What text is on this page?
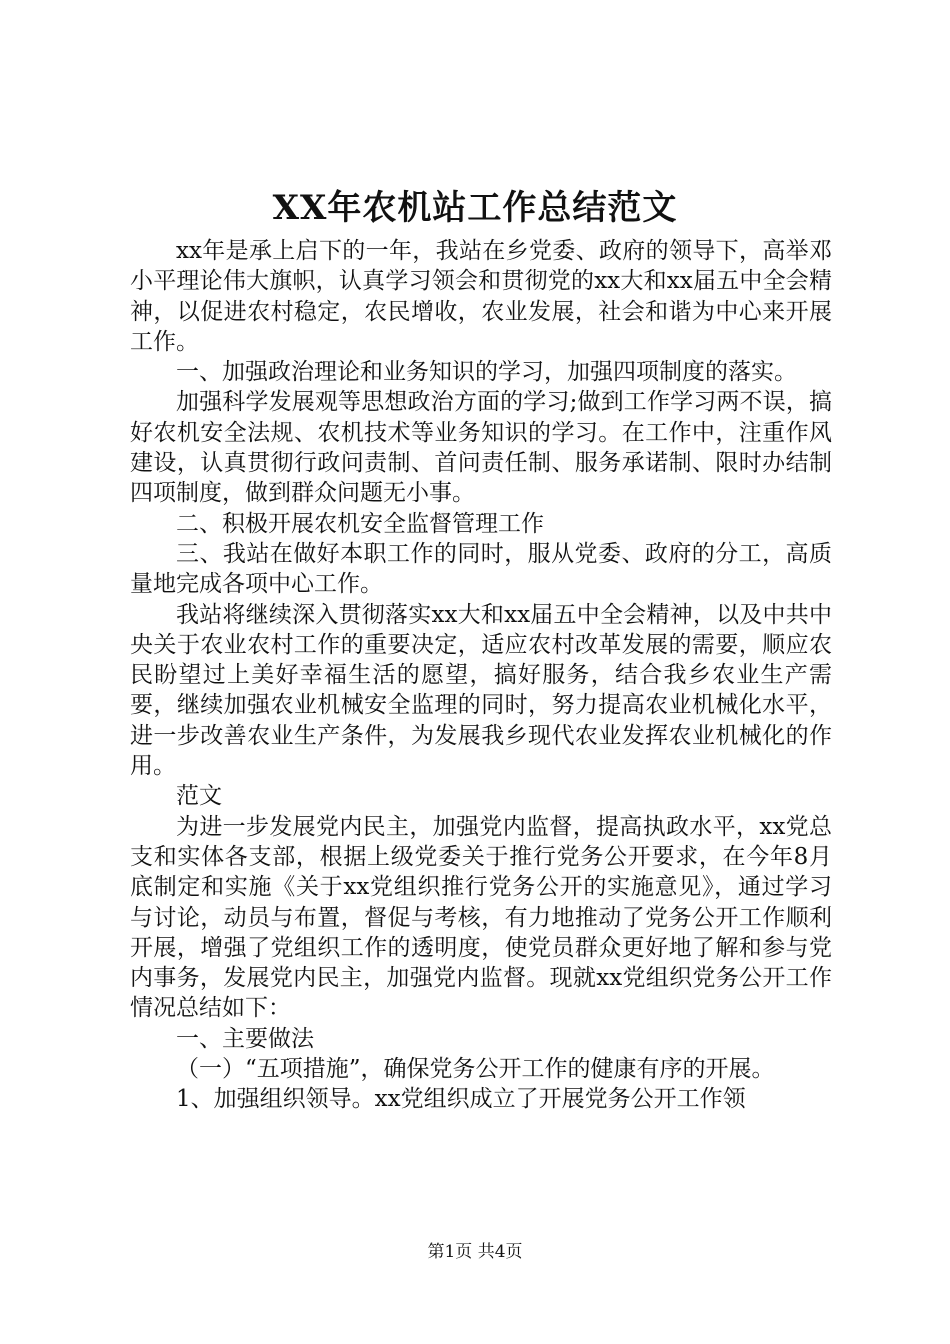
XX年农机站工作总结范文

xx年是承上启下的一年，我站在乡党委、政府的领导下，高举邓小平理论伟大旗帜，认真学习领会和贯彻党的xx大和xx届五中全会精神，以促进农村稳定，农民增收，农业发展，社会和谐为中心来开展工作。

一、加强政治理论和业务知识的学习，加强四项制度的落实。

加强科学发展观等思想政治方面的学习;做到工作学习两不误，搞好农机安全法规、农机技术等业务知识的学习。在工作中，注重作风建设，认真贯彻行政问责制、首问责任制、服务承诺制、限时办结制四项制度，做到群众问题无小事。

二、积极开展农机安全监督管理工作

三、我站在做好本职工作的同时，服从党委、政府的分工，高质量地完成各项中心工作。

我站将继续深入贯彻落实xx大和xx届五中全会精神，以及中共中央关于农业农村工作的重要决定，适应农村改革发展的需要，顺应农民盼望过上美好幸福生活的愿望，搞好服务，结合我乡农业生产需要，继续加强农业机械安全监理的同时，努力提高农业机械化水平，进一步改善农业生产条件，为发展我乡现代农业发挥农业机械化的作用。

范文

为进一步发展党内民主，加强党内监督，提高执政水平，xx党总支和实体各支部，根据上级党委关于推行党务公开要求，在今年8月底制定和实施《关于xx党组织推行党务公开的实施意见》，通过学习与讨论，动员与布置，督促与考核，有力地推动了党务公开工作顺利开展，增强了党组织工作的透明度，使党员群众更好地了解和参与党内事务，发展党内民主，加强党内监督。现就xx党组织党务公开工作情况总结如下：

一、主要做法

（一）“五项措施”，确保党务公开工作的健康有序的开展。

1、加强组织领导。xx党组织成立了开展党务公开工作领

第1页 共4页
